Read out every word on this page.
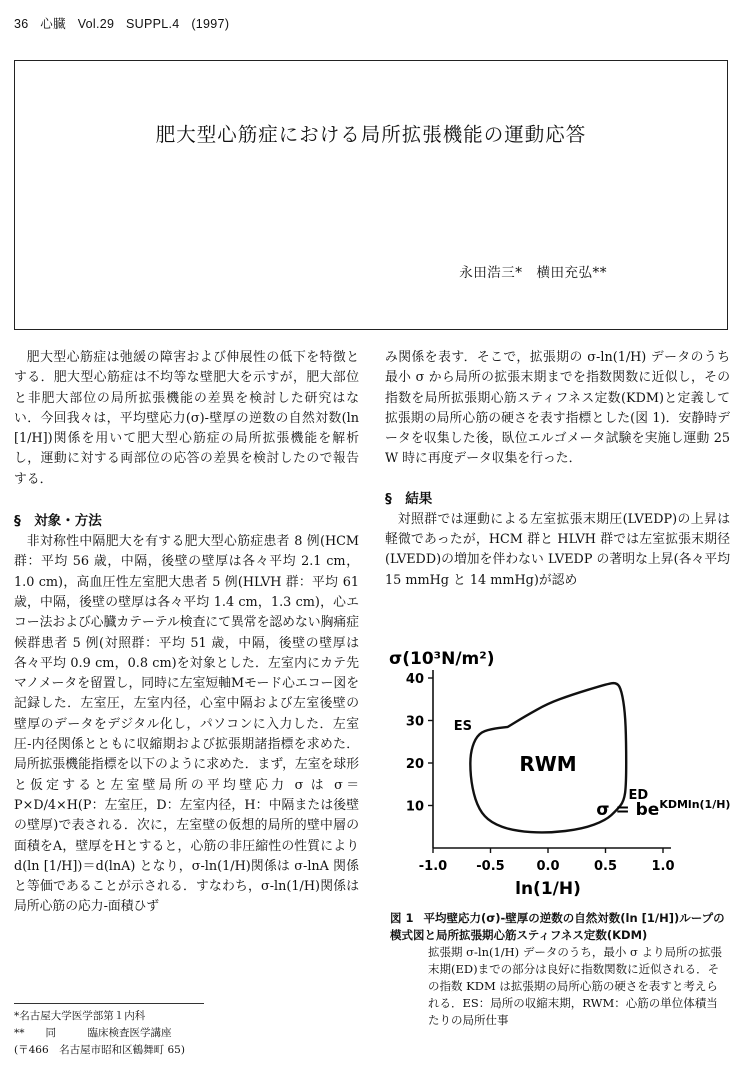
36 心臓 Vol.29 SUPPL.4 (1997)
肥大型心筋症における局所拡張機能の運動応答
永田浩三*　横田充弘**

肥大型心筋症は弛緩の障害および伸展性の低下を特徴とする．肥大型心筋症は不均等な壁肥大を示すが，肥大部位と非肥大部位の局所拡張機能の差異を検討した研究はない．今回我々は，平均壁応力(σ)-壁厚の逆数の自然対数(ln [1/H])関係を用いて肥大型心筋症の局所拡張機能を解析し，運動に対する両部位の応答の差異を検討したので報告する．

§　対象・方法

非対称性中隔肥大を有する肥大型心筋症患者 8 例(HCM 群：平均 56 歳，中隔，後壁の壁厚は各々平均 2.1 cm，1.0 cm)，高血圧性左室肥大患者 5 例(HLVH 群：平均 61 歳，中隔，後壁の壁厚は各々平均 1.4 cm，1.3 cm)，心エコー法および心臓カテーテル検査にて異常を認めない胸痛症候群患者 5 例(対照群：平均 51 歳，中隔，後壁の壁厚は各々平均 0.9 cm，0.8 cm)を対象とした．左室内にカテ先マノメータを留置し，同時に左室短軸Mモード心エコー図を記録した．左室圧，左室内径，心室中隔および左室後壁の壁厚のデータをデジタル化し，パソコンに入力した．左室圧-内径関係とともに収縮期および拡張期諸指標を求めた．局所拡張機能指標を以下のように求めた．まず，左室を球形と仮定すると左室壁局所の平均壁応力 σ は σ＝P×D/4×H(P：左室圧，D：左室内径，H：中隔または後壁の壁厚)で表される．次に，左室壁の仮想的局所的壁中層の面積をA，壁厚をHとすると，心筋の非圧縮性の性質により d(ln [1/H])＝d(lnA) となり，σ-ln(1/H)関係は σ-lnA 関係と等価であることが示される．すなわち，σ-ln(1/H)関係は局所心筋の応力-面積ひず

み関係を表す．そこで，拡張期の σ-ln(1/H) データのうち最小 σ から局所の拡張末期までを指数関数に近似し，その指数を局所拡張期心筋スティフネス定数(KDM)と定義して拡張期の局所心筋の硬さを表す指標とした(図 1)．安静時データを収集した後，臥位エルゴメータ試験を実施し運動 25 W 時に再度データ収集を行った．

§　結果

対照群では運動による左室拡張末期圧(LVEDP)の上昇は軽微であったが，HCM 群と HLVH 群では左室拡張末期径(LVEDD)の増加を伴わない LVEDP の著明な上昇(各々平均 15 mmHg と 14 mmHg)が認め

σ(10³N/m²)
10
20
30
40
-1.0 -0.5 0.0	0.5	1.0
ln(1/H)
ES
ED
RWM
$\sigma = be^{KDMln(1/H)}$
図 1 平均壁応力(σ)-壁厚の逆数の自然対数(ln [1/H])ループの模式図と局所拡張期心筋スティフネス定数(KDM)
拡張期 σ-ln(1/H) データのうち，最小 σ より局所の拡張末期(ED)までの部分は良好に指数関数に近似される．その指数 KDM は拡張期の局所心筋の硬さを表すと考えられる．ES：局所の収縮末期，RWM：心筋の単位体積当たりの局所仕事
*名古屋大学医学部第１内科
**　　同　　　臨床検査医学講座
(〒466　名古屋市昭和区鶴舞町 65)
